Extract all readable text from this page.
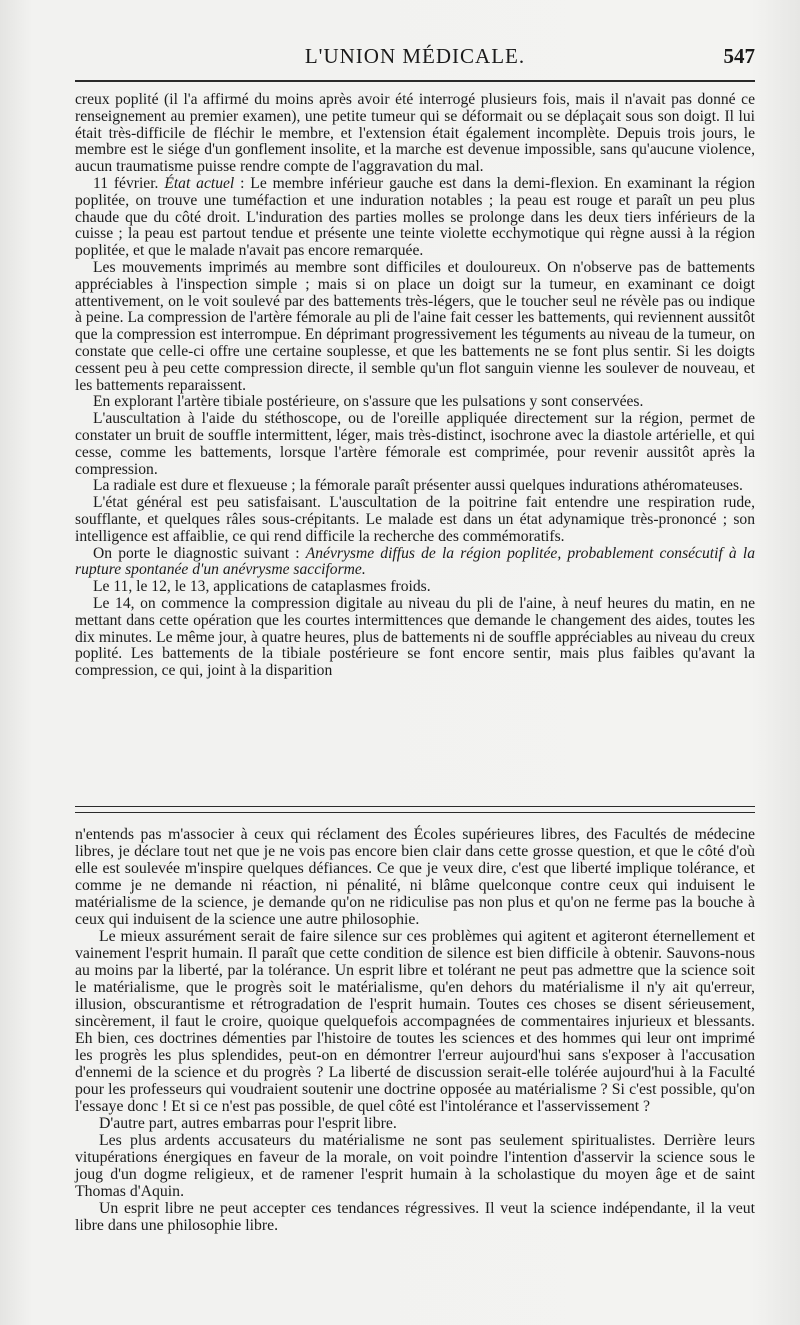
L'UNION MÉDICALE.	547

creux poplité (il l'a affirmé du moins après avoir été interrogé plusieurs fois, mais il n'avait pas donné ce renseignement au premier examen), une petite tumeur qui se déformait ou se déplaçait sous son doigt. Il lui était très-difficile de fléchir le membre, et l'extension était également incomplète. Depuis trois jours, le membre est le siége d'un gonflement insolite, et la marche est devenue impossible, sans qu'aucune violence, aucun traumatisme puisse rendre compte de l'aggravation du mal.

11 février. État actuel : Le membre inférieur gauche est dans la demi-flexion. En examinant la région poplitée, on trouve une tuméfaction et une induration notables ; la peau est rouge et paraît un peu plus chaude que du côté droit. L'induration des parties molles se prolonge dans les deux tiers inférieurs de la cuisse ; la peau est partout tendue et présente une teinte violette ecchymotique qui règne aussi à la région poplitée, et que le malade n'avait pas encore remarquée.

Les mouvements imprimés au membre sont difficiles et douloureux. On n'observe pas de battements appréciables à l'inspection simple ; mais si on place un doigt sur la tumeur, en examinant ce doigt attentivement, on le voit soulevé par des battements très-légers, que le toucher seul ne révèle pas ou indique à peine. La compression de l'artère fémorale au pli de l'aine fait cesser les battements, qui reviennent aussitôt que la compression est interrompue. En déprimant progressivement les téguments au niveau de la tumeur, on constate que celle-ci offre une certaine souplesse, et que les battements ne se font plus sentir. Si les doigts cessent peu à peu cette compression directe, il semble qu'un flot sanguin vienne les soulever de nouveau, et les battements reparaissent.

En explorant l'artère tibiale postérieure, on s'assure que les pulsations y sont conservées.

L'auscultation à l'aide du stéthoscope, ou de l'oreille appliquée directement sur la région, permet de constater un bruit de souffle intermittent, léger, mais très-distinct, isochrone avec la diastole artérielle, et qui cesse, comme les battements, lorsque l'artère fémorale est comprimée, pour revenir aussitôt après la compression.

La radiale est dure et flexueuse ; la fémorale paraît présenter aussi quelques indurations athéromateuses.

L'état général est peu satisfaisant. L'auscultation de la poitrine fait entendre une respiration rude, soufflante, et quelques râles sous-crépitants. Le malade est dans un état adynamique très-prononcé ; son intelligence est affaiblie, ce qui rend difficile la recherche des commémoratifs.

On porte le diagnostic suivant : Anévrysme diffus de la région poplitée, probablement consécutif à la rupture spontanée d'un anévrysme sacciforme.

Le 11, le 12, le 13, applications de cataplasmes froids.

Le 14, on commence la compression digitale au niveau du pli de l'aine, à neuf heures du matin, en ne mettant dans cette opération que les courtes intermittences que demande le changement des aides, toutes les dix minutes. Le même jour, à quatre heures, plus de battements ni de souffle appréciables au niveau du creux poplité. Les battements de la tibiale postérieure se font encore sentir, mais plus faibles qu'avant la compression, ce qui, joint à la disparition

n'entends pas m'associer à ceux qui réclament des Écoles supérieures libres, des Facultés de médecine libres, je déclare tout net que je ne vois pas encore bien clair dans cette grosse question, et que le côté d'où elle est soulevée m'inspire quelques défiances. Ce que je veux dire, c'est que liberté implique tolérance, et comme je ne demande ni réaction, ni pénalité, ni blâme quelconque contre ceux qui induisent le matérialisme de la science, je demande qu'on ne ridiculise pas non plus et qu'on ne ferme pas la bouche à ceux qui induisent de la science une autre philosophie.

Le mieux assurément serait de faire silence sur ces problèmes qui agitent et agiteront éternellement et vainement l'esprit humain. Il paraît que cette condition de silence est bien difficile à obtenir. Sauvons-nous au moins par la liberté, par la tolérance. Un esprit libre et tolérant ne peut pas admettre que la science soit le matérialisme, que le progrès soit le matérialisme, qu'en dehors du matérialisme il n'y ait qu'erreur, illusion, obscurantisme et rétrogradation de l'esprit humain. Toutes ces choses se disent sérieusement, sincèrement, il faut le croire, quoique quelquefois accompagnées de commentaires injurieux et blessants. Eh bien, ces doctrines démenties par l'histoire de toutes les sciences et des hommes qui leur ont imprimé les progrès les plus splendides, peut-on en démontrer l'erreur aujourd'hui sans s'exposer à l'accusation d'ennemi de la science et du progrès ? La liberté de discussion serait-elle tolérée aujourd'hui à la Faculté pour les professeurs qui voudraient soutenir une doctrine opposée au matérialisme ? Si c'est possible, qu'on l'essaye donc ! Et si ce n'est pas possible, de quel côté est l'intolérance et l'asservissement ?

D'autre part, autres embarras pour l'esprit libre.

Les plus ardents accusateurs du matérialisme ne sont pas seulement spiritualistes. Derrière leurs vitupérations énergiques en faveur de la morale, on voit poindre l'intention d'asservir la science sous le joug d'un dogme religieux, et de ramener l'esprit humain à la scholastique du moyen âge et de saint Thomas d'Aquin.

Un esprit libre ne peut accepter ces tendances régressives. Il veut la science indépendante, il la veut libre dans une philosophie libre.
